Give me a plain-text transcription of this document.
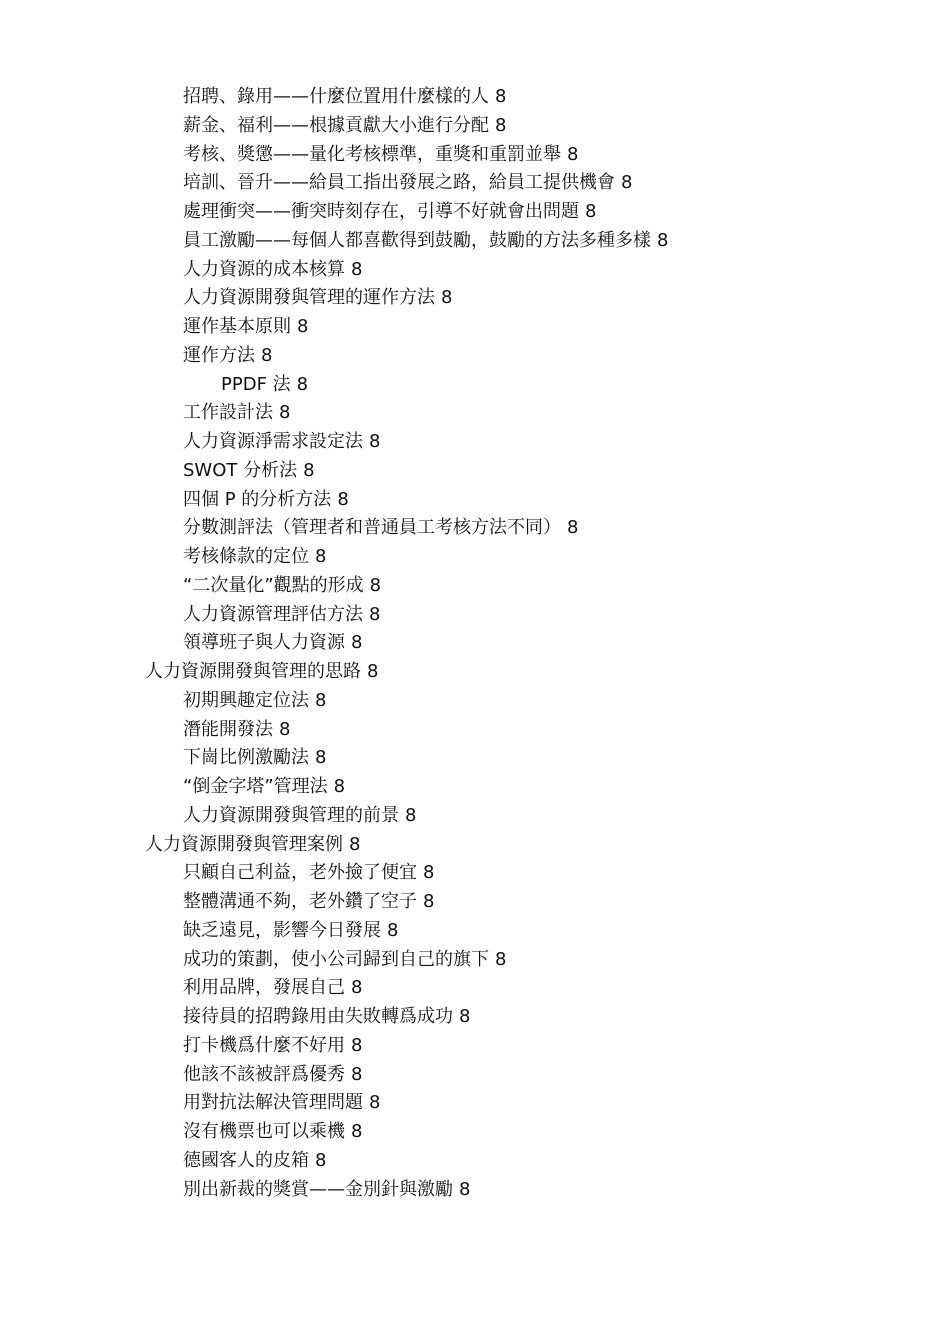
招聘、錄用——什麼位置用什麼樣的人 8
薪金、福利——根據貢獻大小進行分配 8
考核、獎懲——量化考核標準，重獎和重罰並舉 8
培訓、晉升——給員工指出發展之路，給員工提供機會 8
處理衝突——衝突時刻存在，引導不好就會出問題 8
員工激勵——每個人都喜歡得到鼓勵，鼓勵的方法多種多樣 8
人力資源的成本核算 8
人力資源開發與管理的運作方法 8
運作基本原則 8
運作方法 8
PPDF 法 8
工作設計法 8
人力資源淨需求設定法 8
SWOT 分析法 8
四個 P 的分析方法 8
分數測評法（管理者和普通員工考核方法不同） 8
考核條款的定位 8
“二次量化”觀點的形成 8
人力資源管理評估方法 8
領導班子與人力資源 8
人力資源開發與管理的思路 8
初期興趣定位法 8
潛能開發法 8
下崗比例激勵法 8
“倒金字塔”管理法 8
人力資源開發與管理的前景 8
人力資源開發與管理案例 8
只顧自己利益，老外撿了便宜 8
整體溝通不夠，老外鑽了空子 8
缺乏遠見，影響今日發展 8
成功的策劃，使小公司歸到自己的旗下 8
利用品牌，發展自己 8
接待員的招聘錄用由失敗轉爲成功 8
打卡機爲什麼不好用 8
他該不該被評爲優秀 8
用對抗法解決管理問題 8
沒有機票也可以乘機 8
德國客人的皮箱 8
別出新裁的獎賞——金別針與激勵 8
